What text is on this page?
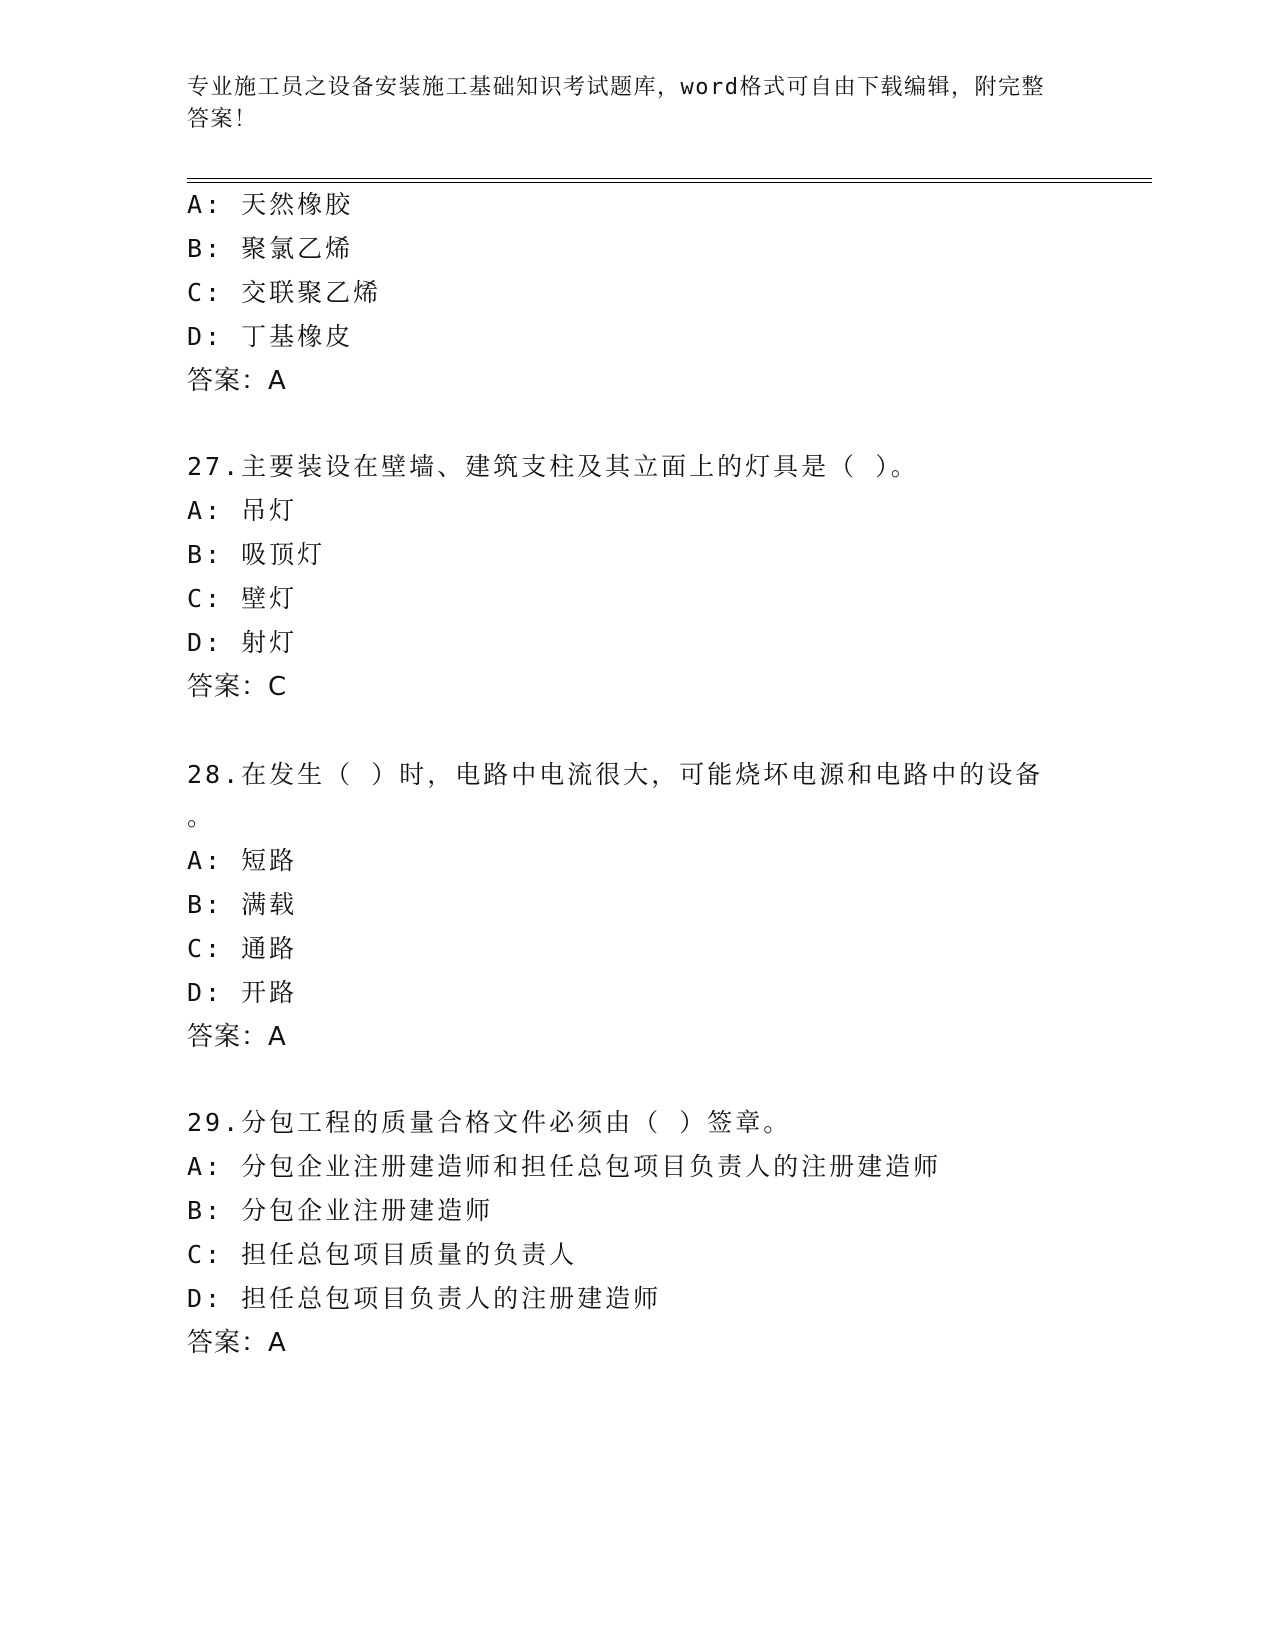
专业施工员之设备安装施工基础知识考试题库，word格式可自由下载编辑，附完整答案！
A: 天然橡胶
B: 聚氯乙烯
C: 交联聚乙烯
D: 丁基橡皮
答案：A
27.主要装设在壁墙、建筑支柱及其立面上的灯具是（ ）。
A: 吊灯
B: 吸顶灯
C: 壁灯
D: 射灯
答案：C
28.在发生（ ）时，电路中电流很大，可能烧坏电源和电路中的设备
。
A: 短路
B: 满载
C: 通路
D: 开路
答案：A
29.分包工程的质量合格文件必须由（ ）签章。
A: 分包企业注册建造师和担任总包项目负责人的注册建造师
B: 分包企业注册建造师
C: 担任总包项目质量的负责人
D: 担任总包项目负责人的注册建造师
答案：A
